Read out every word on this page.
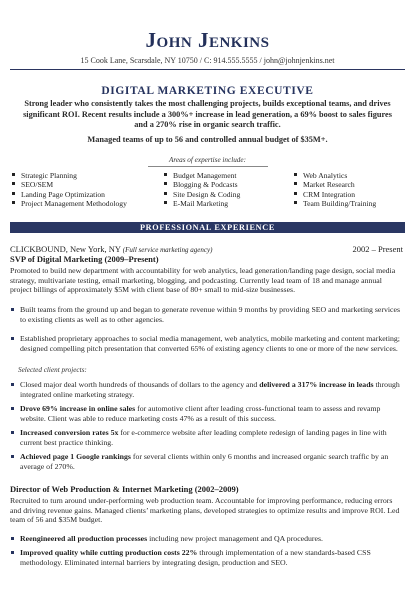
John Jenkins
15 Cook Lane, Scarsdale, NY 10750 / C: 914.555.5555 / john@johnjenkins.net
DIGITAL MARKETING EXECUTIVE
Strong leader who consistently takes the most challenging projects, builds exceptional teams, and drives significant ROI. Recent results include a 300%+ increase in lead generation, a 69% boost to sales figures and a 270% rise in organic search traffic.
Managed teams of up to 56 and controlled annual budget of $35M+.
Areas of expertise include:
Strategic Planning
SEO/SEM
Landing Page Optimization
Project Management Methodology
Budget Management
Blogging & Podcasts
Site Design & Coding
E-Mail Marketing
Web Analytics
Market Research
CRM Integration
Team Building/Training
PROFESSIONAL EXPERIENCE
CLICKBOUND, New York, NY (Full service marketing agency)	2002 – Present
SVP of Digital Marketing (2009–Present)
Promoted to build new department with accountability for web analytics, lead generation/landing page design, social media strategy, multivariate testing, email marketing, blogging, and podcasting. Currently lead team of 18 and manage annual project billings of approximately $5M with client base of 80+ small to mid-size businesses.
Built teams from the ground up and began to generate revenue within 9 months by providing SEO and marketing services to existing clients as well as to other agencies.
Established proprietary approaches to social media management, web analytics, mobile marketing and content marketing; designed compelling pitch presentation that converted 65% of existing agency clients to one or more of the new services.
Selected client projects:
Closed major deal worth hundreds of thousands of dollars to the agency and delivered a 317% increase in leads through integrated online marketing strategy.
Drove 69% increase in online sales for automotive client after leading cross-functional team to assess and revamp website. Client was able to reduce marketing costs 47% as a result of this success.
Increased conversion rates 5x for e-commerce website after leading complete redesign of landing pages in line with current best practice thinking.
Achieved page 1 Google rankings for several clients within only 6 months and increased organic search traffic by an average of 270%.
Director of Web Production & Internet Marketing (2002–2009)
Recruited to turn around under-performing web production team. Accountable for improving performance, reducing errors and driving revenue gains. Managed clients’ marketing plans, developed strategies to optimize results and improve ROI. Led team of 56 and $35M budget.
Reengineered all production processes including new project management and QA procedures.
Improved quality while cutting production costs 22% through implementation of a new standards-based CSS methodology. Eliminated internal barriers by integrating design, production and SEO.
